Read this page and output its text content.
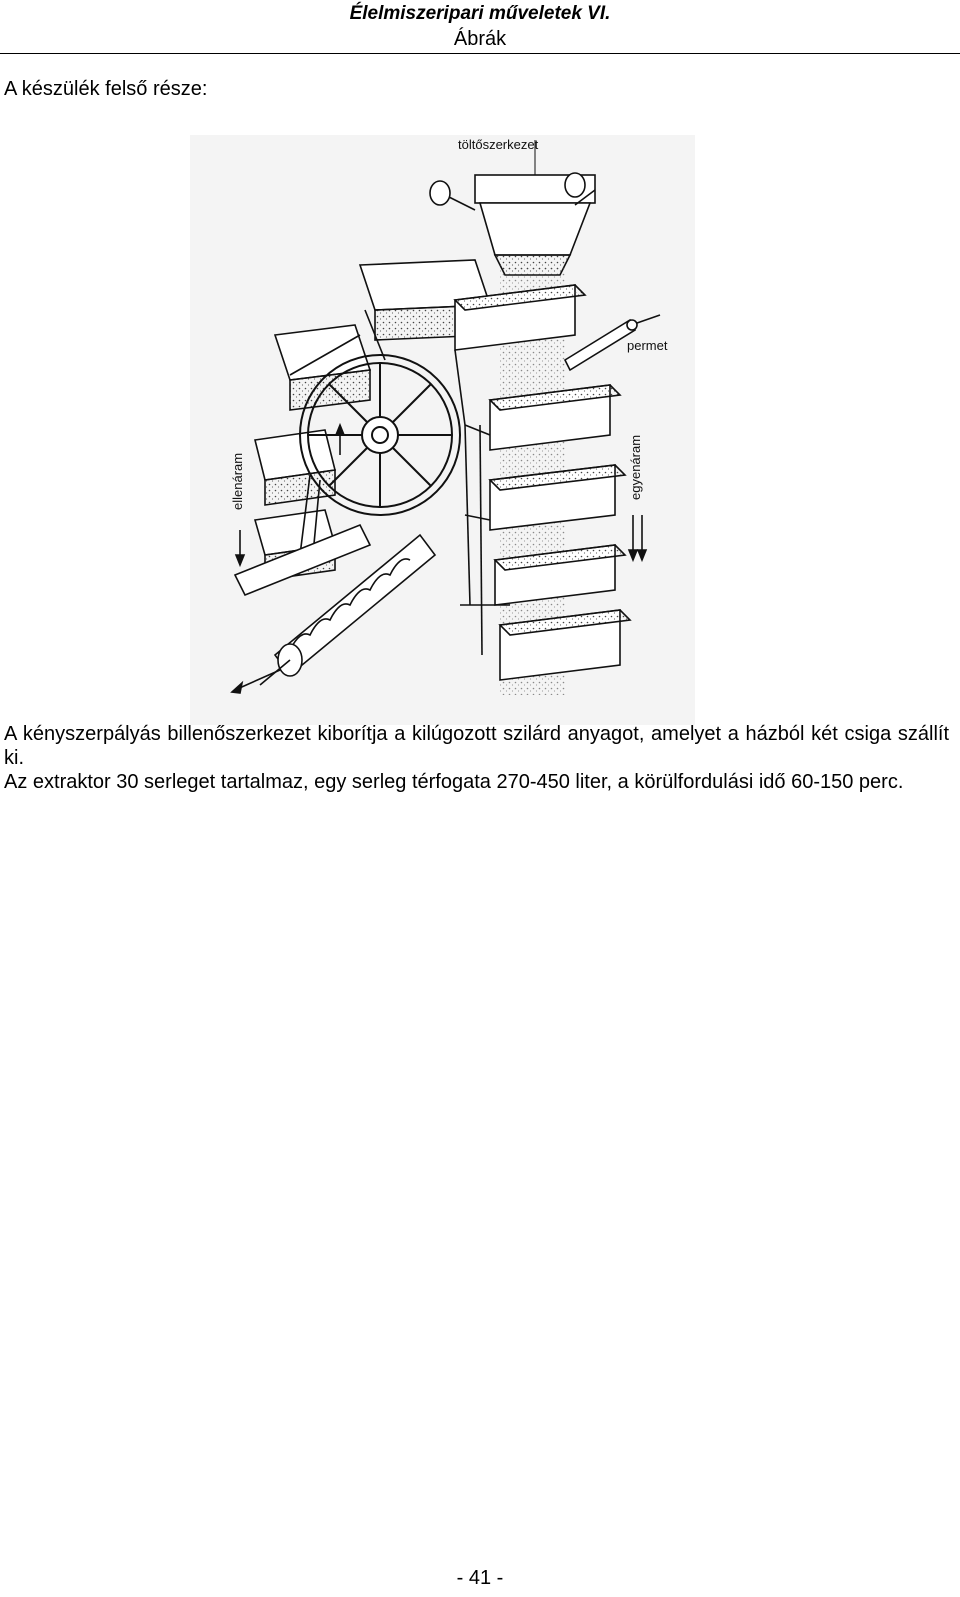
Élelmiszeripari műveletek VI.
Ábrák
A készülék felső része:
töltőszerkezet
permet
ellenáram	egyenáram

A kényszerpályás billenőszerkezet kiborítja a kilúgozott szilárd anyagot, amelyet a házból két csiga szállít ki.

Az extraktor 30 serleget tartalmaz, egy serleg térfogata 270-450 liter, a körülfordulási idő 60-150 perc.

- 41 -
